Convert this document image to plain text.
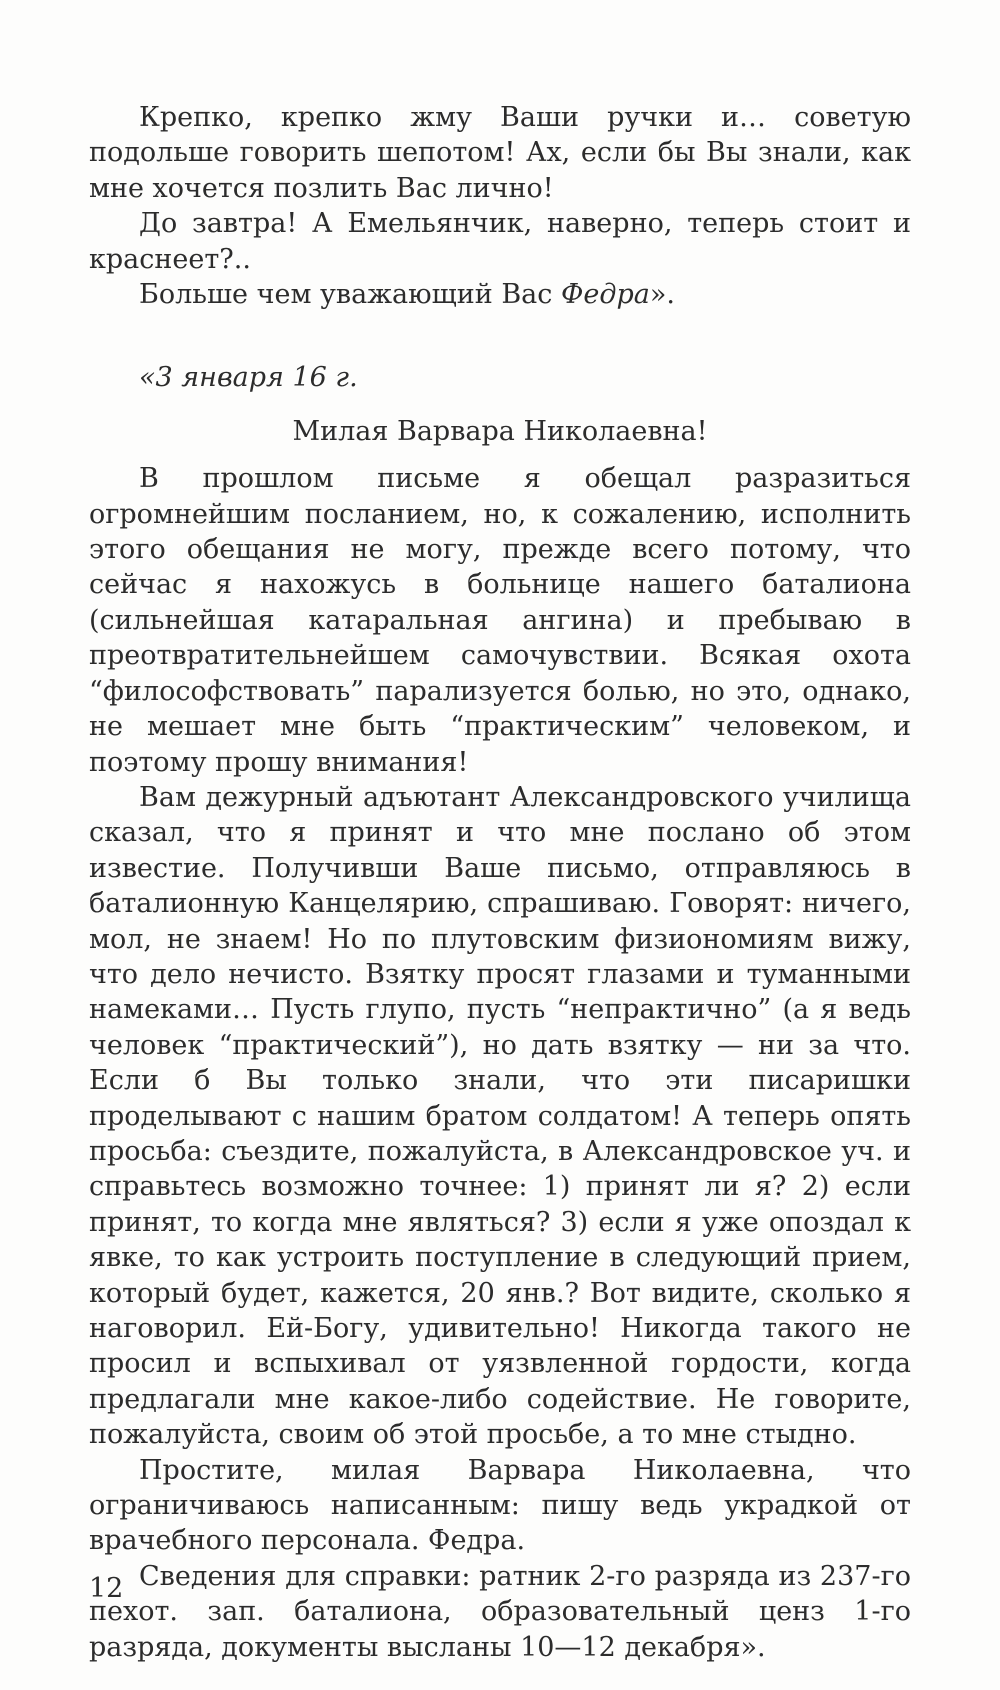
Крепко, крепко жму Ваши ручки и… советую подольше говорить шепотом! Ах, если бы Вы знали, как мне хочется позлить Вас лично!

До завтра! А Емельянчик, наверно, теперь стоит и краснеет?..

Больше чем уважающий Вас Федра».

«3 января 16 г.

Милая Варвара Николаевна!

В прошлом письме я обещал разразиться огромнейшим посланием, но, к сожалению, исполнить этого обещания не могу, прежде всего потому, что сейчас я нахожусь в больнице нашего баталиона (сильнейшая катаральная ангина) и пребываю в преотвратительнейшем самочувствии. Всякая охота “философствовать” парализуется болью, но это, однако, не мешает мне быть “практическим” человеком, и поэтому прошу внимания!

Вам дежурный адъютант Александровского училища сказал, что я принят и что мне послано об этом известие. Получивши Ваше письмо, отправляюсь в баталионную Канцелярию, спрашиваю. Говорят: ничего, мол, не знаем! Но по плутовским физиономиям вижу, что дело нечисто. Взятку просят глазами и туманными намеками… Пусть глупо, пусть “непрактично” (а я ведь человек “практический”), но дать взятку — ни за что. Если б Вы только знали, что эти писаришки проделывают с нашим братом солдатом! А теперь опять просьба: съездите, пожалуйста, в Александровское уч. и справьтесь возможно точнее: 1) принят ли я? 2) если принят, то когда мне являться? 3) если я уже опоздал к явке, то как устроить поступление в следующий прием, который будет, кажется, 20 янв.? Вот видите, сколько я наговорил. Ей-Богу, удивительно! Никогда такого не просил и вспыхивал от уязвленной гордости, когда предлагали мне какое-либо содействие. Не говорите, пожалуйста, своим об этой просьбе, а то мне стыдно.

Простите, милая Варвара Николаевна, что ограничиваюсь написанным: пишу ведь украдкой от врачебного персонала. Федра.

Сведения для справки: ратник 2-го разряда из 237-го пехот. зап. баталиона, образовательный ценз 1-го разряда, документы высланы 10—12 декабря».

12
